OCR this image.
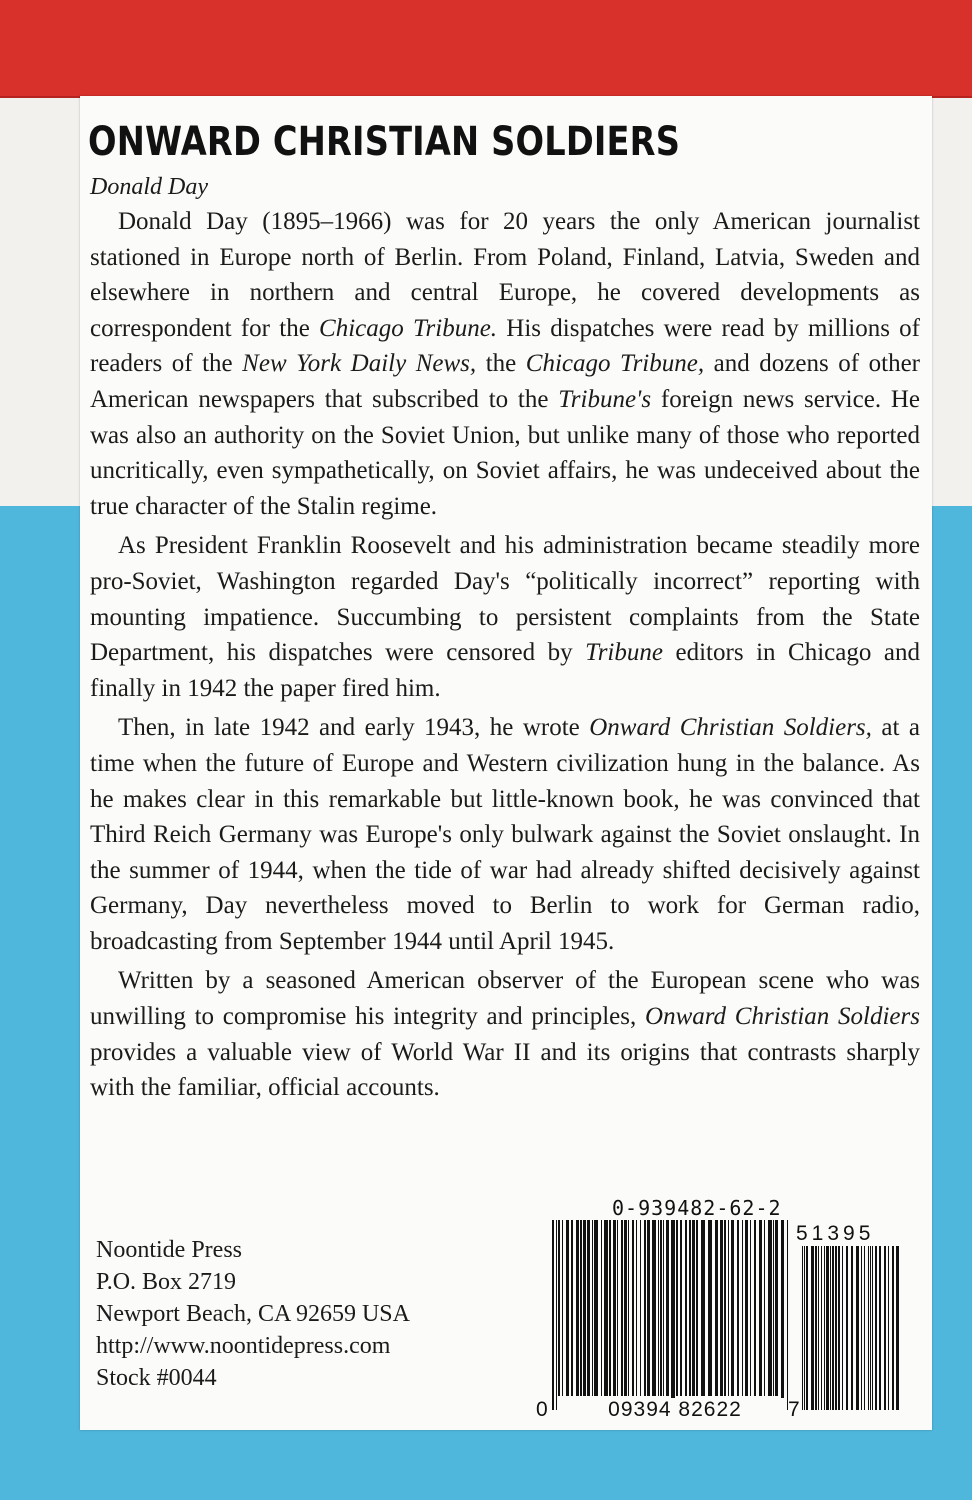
ONWARD CHRISTIAN SOLDIERS
Donald Day

Donald Day (1895–1966) was for 20 years the only American journalist stationed in Europe north of Berlin. From Poland, Finland, Latvia, Sweden and elsewhere in northern and central Europe, he covered developments as correspondent for the Chicago Tribune. His dispatches were read by millions of readers of the New York Daily News, the Chicago Tribune, and dozens of other American newspapers that subscribed to the Tribune's foreign news service. He was also an authority on the Soviet Union, but unlike many of those who reported uncritically, even sympathetically, on Soviet affairs, he was undeceived about the true character of the Stalin regime.

As President Franklin Roosevelt and his administration became steadily more pro-Soviet, Washington regarded Day's “politically incorrect” reporting with mounting impatience. Succumbing to persistent complaints from the State Department, his dispatches were censored by Tribune editors in Chicago and finally in 1942 the paper fired him.

Then, in late 1942 and early 1943, he wrote Onward Christian Soldiers, at a time when the future of Europe and Western civilization hung in the balance. As he makes clear in this remarkable but little-known book, he was convinced that Third Reich Germany was Europe's only bulwark against the Soviet onslaught. In the summer of 1944, when the tide of war had already shifted decisively against Germany, Day nevertheless moved to Berlin to work for German radio, broadcasting from September 1944 until April 1945.

Written by a seasoned American observer of the European scene who was unwilling to compromise his integrity and principles, Onward Christian Soldiers provides a valuable view of World War II and its origins that contrasts sharply with the familiar, official accounts.

Noontide Press
P.O. Box 2719
Newport Beach, CA 92659 USA
http://www.noontidepress.com
Stock #0044
0-939482-62-2
0	09394 82622	7
51395
